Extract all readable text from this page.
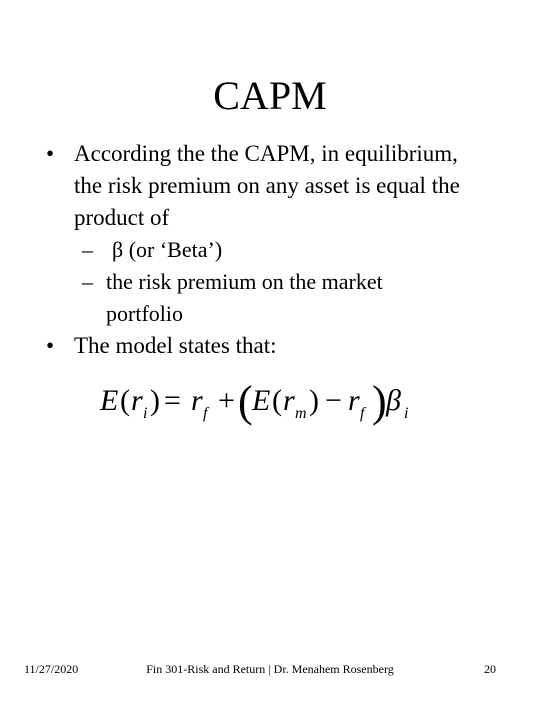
CAPM
• According the the CAPM, in equilibrium,
the risk premium on any asset is equal the
product of
– β (or ‘Beta’)
– the risk premium on the market
portfolio
• The model states that:
E ( r i ) = r f + ( E ( r m ) − r f ) β i
11/27/2020	Fin 301-Risk and Return | Dr. Menahem Rosenberg	20
